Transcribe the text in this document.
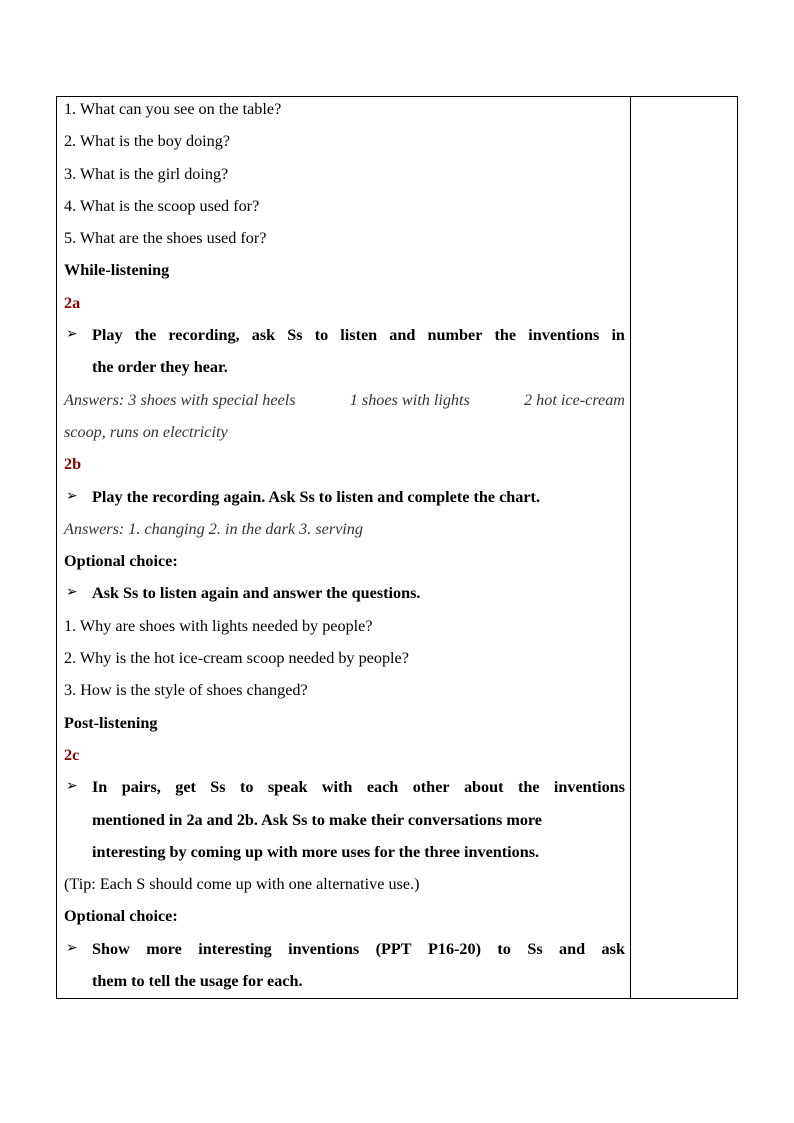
1. What can you see on the table?
2. What is the boy doing?
3. What is the girl doing?
4. What is the scoop used for?
5. What are the shoes used for?
While-listening
2a
➢ Play the recording, ask Ss to listen and number the inventions in
the order they hear.
Answers: 3 shoes with special heels	1 shoes with lights	2 hot ice-cream
scoop, runs on electricity
2b
➢ Play the recording again. Ask Ss to listen and complete the chart.
Answers: 1. changing 2. in the dark 3. serving
Optional choice:
➢ Ask Ss to listen again and answer the questions.
1. Why are shoes with lights needed by people?
2. Why is the hot ice-cream scoop needed by people?
3. How is the style of shoes changed?
Post-listening
2c
➢ In pairs, get Ss to speak with each other about the inventions
mentioned in 2a and 2b. Ask Ss to make their conversations more
interesting by coming up with more uses for the three inventions.
(Tip: Each S should come up with one alternative use.)
Optional choice:
➢ Show more interesting inventions (PPT P16-20) to Ss and ask
them to tell the usage for each.
